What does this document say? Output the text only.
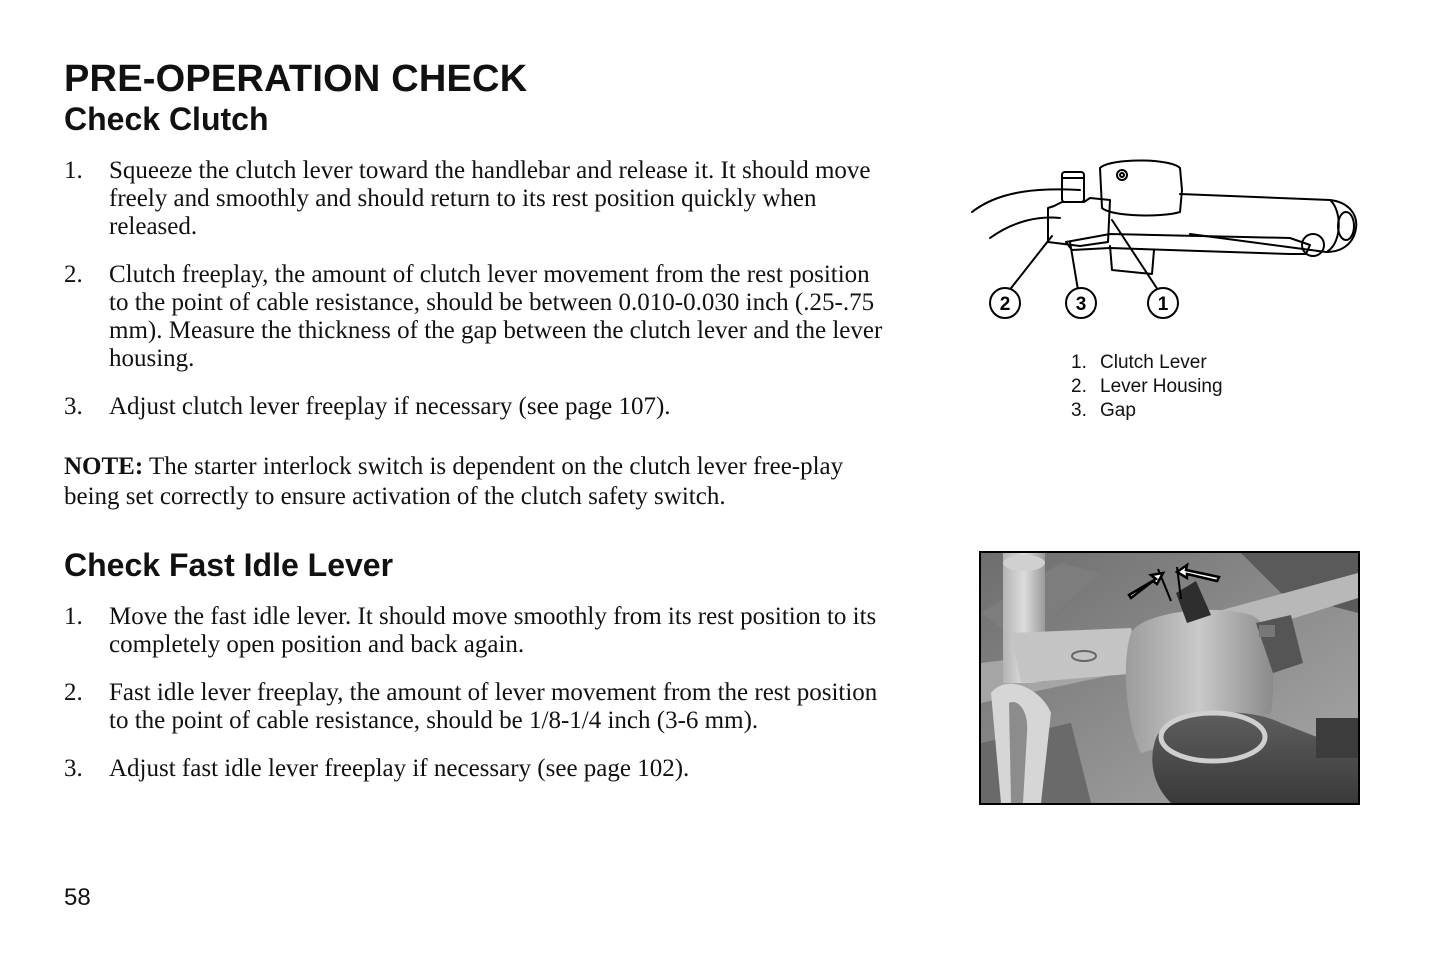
PRE-OPERATION CHECK
Check Clutch
1. Squeeze the clutch lever toward the handlebar and release it. It should move freely and smoothly and should return to its rest position quickly when released.
2. Clutch freeplay, the amount of clutch lever movement from the rest position to the point of cable resistance, should be between 0.010-0.030 inch (.25-.75 mm). Measure the thickness of the gap between the clutch lever and the lever housing.
3. Adjust clutch lever freeplay if necessary (see page 107).

NOTE: The starter interlock switch is dependent on the clutch lever free-play being set correctly to ensure activation of the clutch safety switch.

Check Fast Idle Lever
1. Move the fast idle lever. It should move smoothly from its rest position to its completely open position and back again.
2. Fast idle lever freeplay, the amount of lever movement from the rest position to the point of cable resistance, should be 1/8-1/4 inch (3-6 mm).
3. Adjust fast idle lever freeplay if necessary (see page 102).
2	3	1
1. Clutch Lever
2. Lever Housing
3. Gap

58
